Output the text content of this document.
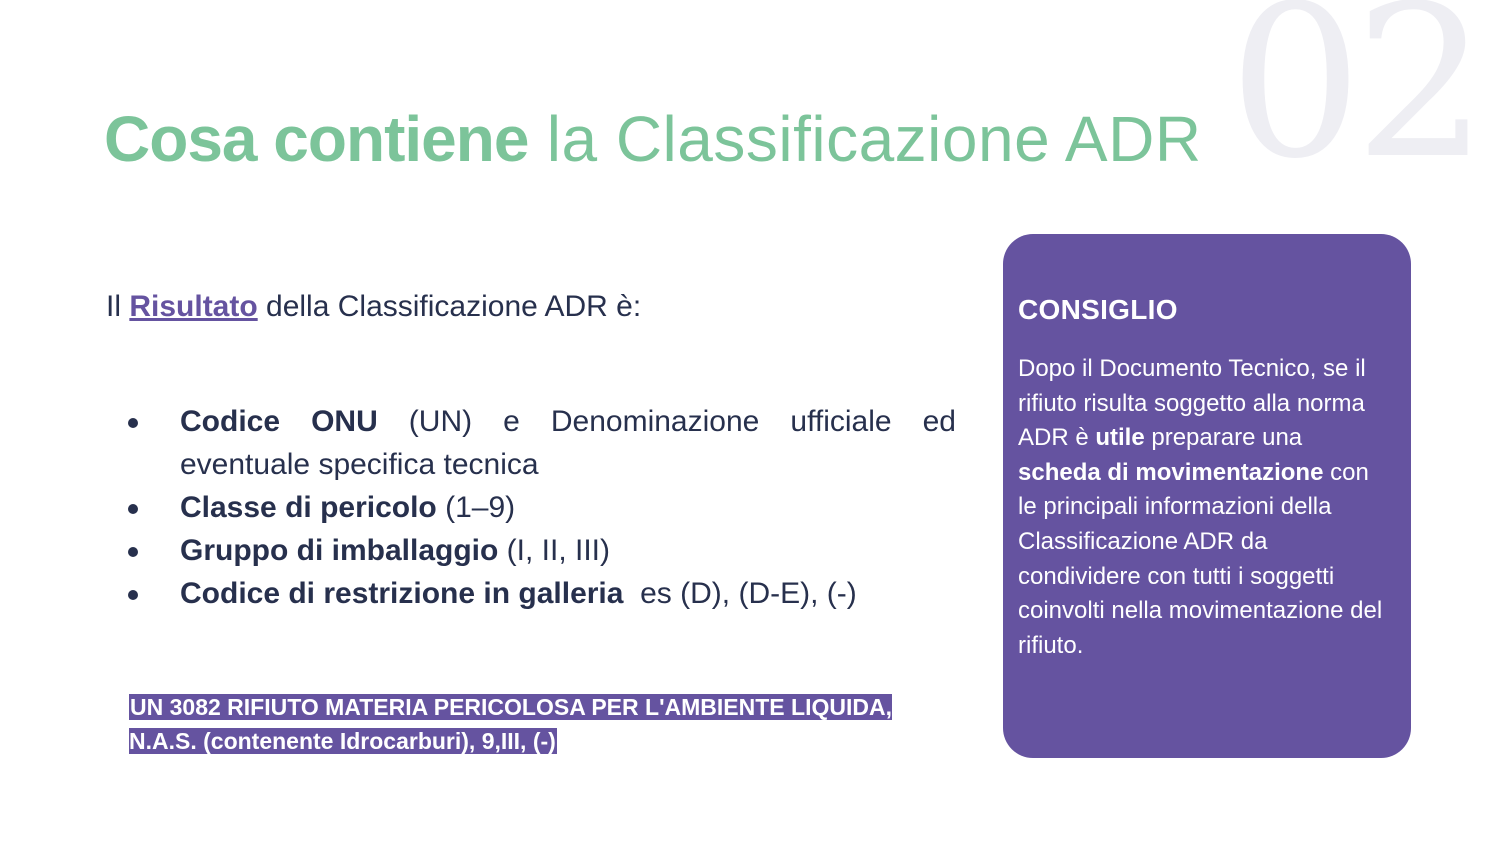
02
Cosa contiene la Classificazione ADR
Il Risultato della Classificazione ADR è:
Codice ONU (UN) e Denominazione ufficiale ed eventuale specifica tecnica
Classe di pericolo (1–9)
Gruppo di imballaggio (I, II, III)
Codice di restrizione in galleria  es (D), (D-E), (-)
UN 3082 RIFIUTO MATERIA PERICOLOSA PER L'AMBIENTE LIQUIDA, N.A.S. (contenente Idrocarburi), 9,III, (-)
CONSIGLIO
Dopo il Documento Tecnico, se il rifiuto risulta soggetto alla norma ADR è utile preparare una scheda di movimentazione con le principali informazioni della Classificazione ADR da condividere con tutti i soggetti coinvolti nella movimentazione del rifiuto.
